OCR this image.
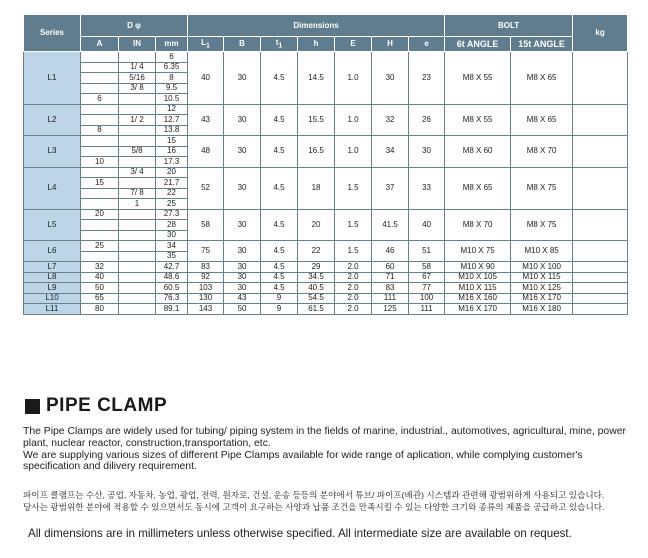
Series	D φ			Dimensions							BOLT		kg
	A	IN	mm	$L_1$	B	$t_1$	h	E	H	e	6t ANGLE	15t ANGLE	
L1			6	40	30	4.5	14.5	1.0	30	23	M8 X 55	M8 X 65	
		1/ 4	6.35										
		5/16	8										
		3/ 8	9.5										
	6		10.5										
L2			12	43	30	4.5	15.5	1.0	32	26	M8 X 55	M8 X 65	
		1/ 2	12.7										
	8		13.8										
L3			15	48	30	4.5	16.5	1.0	34	30	M8 X 60	M8 X 70	
		5/8	16										
	10		17.3										
L4		3/ 4	20	52	30	4.5	18	1.5	37	33	M8 X 65	M8 X 75	
	15		21.7										
		7/ 8	22										
		1	25										
L5	20		27.3	58	30	4.5	20	1.5	41.5	40	M8 X 70	M8 X 75	
			28										
			30										
L6	25		34	75	30	4.5	22	1.5	46	51	M10 X 75	M10 X 85	
			35										
L7	32		42.7	83	30	4.5	29	2.0	60	58	M10 X 90	M10 X 100	
L8	40		48.6	92	30	4.5	34.5	2.0	71	67	M10 X 105	M10 X 115	
L9	50		60.5	103	30	4.5	40.5	2.0	83	77	M10 X 115	M10 X 125	
L10	65		76.3	130	43	9	54.5	2.0	111	100	M16 X 160	M16 X 170	
L11	80		89.1	143	50	9	61.5	2.0	125	111	M16 X 170	M16 X 180	
PIPE CLAMP

The Pipe Clamps are widely used for tubing/ piping system in the fields of marine, industrial., automotives, agricultural, mine, power plant, nuclear reactor, construction,transportation, etc.

We are supplying various sizes of different Pipe Clamps available for wide range of aplication, while complying customer's specification and dilivery requirement.

파이프 클램프는 수산, 공업, 자동차, 농업, 광업, 전력, 원자로, 건설, 운송 등등의 분야에서 튜브/ 파이프(배관) 시스템과 관련해 광범위하게 사용되고 있습니다.

당사는 광범위한 분야에 적용할 수 있으면서도 동시에 고객이 요구하는 사양과 납품 조건을 만족시킬 수 있는 다양한 크기와 종류의 제품을 공급하고 있습니다.

All dimensions are in millimeters unless otherwise specified. All intermediate size are available on request.
